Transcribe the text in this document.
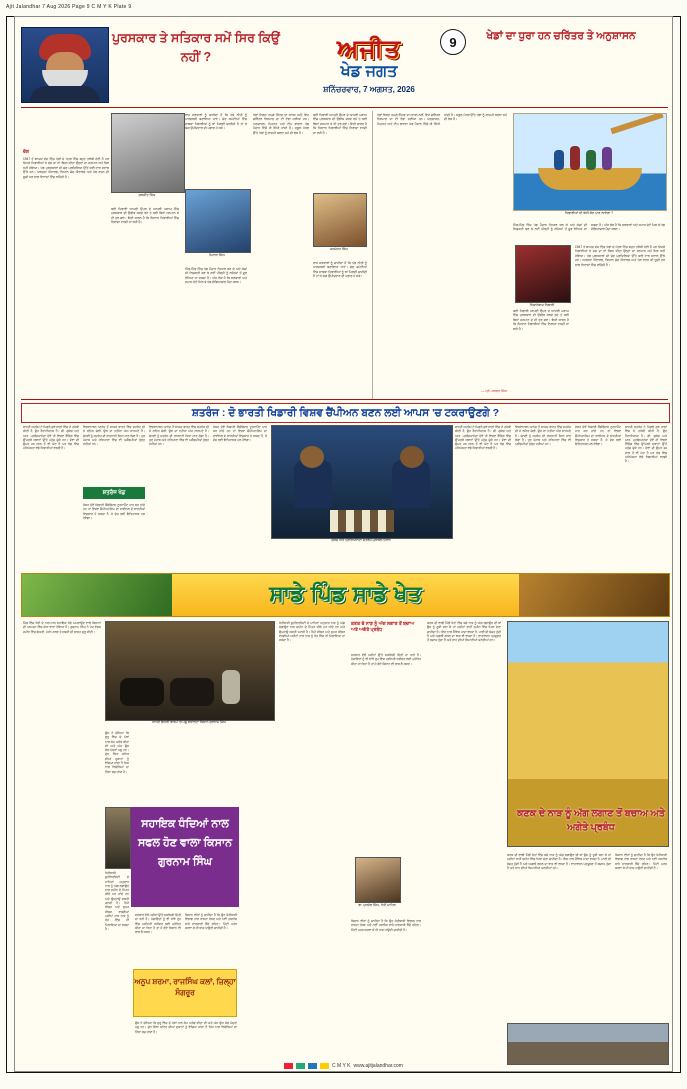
Ajit Jalandhar 7 Aug 2026 Page 9 C M Y K Plate 9
ਪੁਰਸਕਾਰ ਤੇ ਸਤਿਕਾਰ ਸਮੇਂ ਸਿਰ ਕਿਉਂ ਨਹੀਂ ?	ਅਜੀਤ
ਖੇਡ ਜਗਤ
ਸ਼ਨਿੱਚਰਵਾਰ, 7 ਅਗਸਤ, 2026
9	ਖੇਡਾਂ ਦਾ ਧੁਰਾ ਹਨ ਚਰਿੱਤਰ ਤੇ ਅਨੁਸ਼ਾਸਨ
1947 ਤੋਂ ਬਾਅਦ ਦੇਸ਼ ਵਿੱਚ ਖੇਡਾਂ ਦੇ ਖੇਤਰ ਵਿੱਚ ਬਹੁਤ ਤਰੱਕੀ ਹੋਈ ਹੈ ਪਰ ਜਿਹੜੇ ਖਿਡਾਰੀਆਂ ਨੇ ਦੇਸ਼ ਦਾ ਨਾਂ ਰੌਸ਼ਨ ਕੀਤਾ ਉਨ੍ਹਾਂ ਦਾ ਸਨਮਾਨ ਸਮੇਂ ਸਿਰ ਨਹੀਂ ਹੋਇਆ। ਖੇਡ ਪੁਰਸਕਾਰਾਂ ਦੀ ਚੋਣ ਪ੍ਰਕਿਰਿਆ ਉੱਤੇ ਕਈ ਵਾਰ ਸਵਾਲ ਉੱਠੇ ਹਨ। ਅਰਜੁਨਾ ਐਵਾਰਡ, ਧਿਆਨ ਚੰਦ ਐਵਾਰਡ ਅਤੇ ਖੇਲ ਰਤਨ ਦੀ ਸੂਚੀ ਹਰ ਸਾਲ ਵਿਵਾਦਾਂ ਵਿੱਚ ਰਹਿੰਦੀ ਹੈ।
ਦੇਸ਼
ਕੁਲਜੀਤ ਸਿੰਘ
ਮਿਲਖਾ ਸਿੰਘ
ਕਈ ਖਿਡਾਰੀ ਆਪਣੀ ਉਮਰ ਦੇ ਆਖ਼ਰੀ ਪੜਾਅ ਵਿੱਚ ਪੁਰਸਕਾਰ ਦੀ ਉਡੀਕ ਕਰਦੇ ਰਹੇ ਤੇ ਕਈ ਬਿਨਾਂ ਸਨਮਾਨ ਦੇ ਹੀ ਤੁਰ ਗਏ। ਇਹੀ ਕਾਰਨ ਹੈ ਕਿ ਨੌਜਵਾਨ ਖਿਡਾਰੀਆਂ ਵਿੱਚ ਨਿਰਾਸ਼ਾ ਵਧਦੀ ਜਾ ਰਹੀ ਹੈ।
ਰਾਜ ਸਰਕਾਰਾਂ ਨੂੰ ਚਾਹੀਦਾ ਹੈ ਕਿ ਖੇਡ ਨੀਤੀ ਨੂੰ ਪਾਰਦਰਸ਼ੀ ਬਣਾਇਆ ਜਾਵੇ। ਚੋਣ ਕਮੇਟੀਆਂ ਵਿੱਚ ਸਾਬਕਾ ਖਿਡਾਰੀਆਂ ਨੂੰ ਥਾਂ ਮਿਲਣੀ ਚਾਹੀਦੀ ਹੈ ਤਾਂ ਜੋ ਯੋਗ ਉਮੀਦਵਾਰ ਦੀ ਪਛਾਣ ਹੋ ਸਕੇ।
ਪਿੰਡ-ਪਿੰਡ ਵਿੱਚ ਖੇਡ ਮੈਦਾਨ ਤਿਆਰ ਕਰ ਕੇ ਅਤੇ ਕੋਚਾਂ ਦੀ ਨਿਯੁਕਤੀ ਕਰ ਕੇ ਨਵੀਂ ਪੀੜ੍ਹੀ ਨੂੰ ਨਸ਼ਿਆਂ ਤੋਂ ਦੂਰ ਰੱਖਿਆ ਜਾ ਸਕਦਾ ਹੈ। ਅੱਜ ਲੋੜ ਹੈ ਕਿ ਸਰਕਾਰਾਂ ਅਤੇ ਸਮਾਜ ਦੋਵੇਂ ਮਿਲ ਕੇ ਖੇਡ ਸੱਭਿਆਚਾਰ ਪੈਦਾ ਕਰਨ।
ਖੇਡਾਂ ਸਿਰਫ਼ ਤਮਗ਼ੇ ਜਿੱਤਣ ਦਾ ਸਾਧਨ ਨਹੀਂ, ਇਹ ਚਰਿੱਤਰ ਨਿਰਮਾਣ ਦਾ ਵੀ ਵੱਡਾ ਜ਼ਰੀਆ ਹਨ। ਅਨੁਸ਼ਾਸਨ, ਮਿਹਨਤ ਅਤੇ ਟੀਮ ਭਾਵਨਾ ਖੇਡ ਮੈਦਾਨ ਵਿੱਚੋਂ ਹੀ ਸਿੱਖੀ ਜਾਂਦੀ ਹੈ। ਸਕੂਲ ਪੱਧਰ ਉੱਤੇ ਖੇਡਾਂ ਨੂੰ ਲਾਜ਼ਮੀ ਕਰਨਾ ਸਮੇਂ ਦੀ ਲੋੜ ਹੈ।
ਜਗਮੋਹਨ ਸਿੰਘ
ਕਈ ਖਿਡਾਰੀ ਆਪਣੀ ਉਮਰ ਦੇ ਆਖ਼ਰੀ ਪੜਾਅ ਵਿੱਚ ਪੁਰਸਕਾਰ ਦੀ ਉਡੀਕ ਕਰਦੇ ਰਹੇ ਤੇ ਕਈ ਬਿਨਾਂ ਸਨਮਾਨ ਦੇ ਹੀ ਤੁਰ ਗਏ। ਇਹੀ ਕਾਰਨ ਹੈ ਕਿ ਨੌਜਵਾਨ ਖਿਡਾਰੀਆਂ ਵਿੱਚ ਨਿਰਾਸ਼ਾ ਵਧਦੀ ਜਾ ਰਹੀ ਹੈ।
ਰਾਜ ਸਰਕਾਰਾਂ ਨੂੰ ਚਾਹੀਦਾ ਹੈ ਕਿ ਖੇਡ ਨੀਤੀ ਨੂੰ ਪਾਰਦਰਸ਼ੀ ਬਣਾਇਆ ਜਾਵੇ। ਚੋਣ ਕਮੇਟੀਆਂ ਵਿੱਚ ਸਾਬਕਾ ਖਿਡਾਰੀਆਂ ਨੂੰ ਥਾਂ ਮਿਲਣੀ ਚਾਹੀਦੀ ਹੈ ਤਾਂ ਜੋ ਯੋਗ ਉਮੀਦਵਾਰ ਦੀ ਪਛਾਣ ਹੋ ਸਕੇ।
ਖੇਡਾਂ ਸਿਰਫ਼ ਤਮਗ਼ੇ ਜਿੱਤਣ ਦਾ ਸਾਧਨ ਨਹੀਂ, ਇਹ ਚਰਿੱਤਰ ਨਿਰਮਾਣ ਦਾ ਵੀ ਵੱਡਾ ਜ਼ਰੀਆ ਹਨ। ਅਨੁਸ਼ਾਸਨ, ਮਿਹਨਤ ਅਤੇ ਟੀਮ ਭਾਵਨਾ ਖੇਡ ਮੈਦਾਨ ਵਿੱਚੋਂ ਹੀ ਸਿੱਖੀ ਜਾਂਦੀ ਹੈ। ਸਕੂਲ ਪੱਧਰ ਉੱਤੇ ਖੇਡਾਂ ਨੂੰ ਲਾਜ਼ਮੀ ਕਰਨਾ ਸਮੇਂ ਦੀ ਲੋੜ ਹੈ।
ਖਿਡਾਰੀਆਂ ਦੀ ਬੇੜੀ ਕੌਣ ਪਾਰ ਲਾਏਗਾ ?
ਪਿੰਡ-ਪਿੰਡ ਵਿੱਚ ਖੇਡ ਮੈਦਾਨ ਤਿਆਰ ਕਰ ਕੇ ਅਤੇ ਕੋਚਾਂ ਦੀ ਨਿਯੁਕਤੀ ਕਰ ਕੇ ਨਵੀਂ ਪੀੜ੍ਹੀ ਨੂੰ ਨਸ਼ਿਆਂ ਤੋਂ ਦੂਰ ਰੱਖਿਆ ਜਾ ਸਕਦਾ ਹੈ। ਅੱਜ ਲੋੜ ਹੈ ਕਿ ਸਰਕਾਰਾਂ ਅਤੇ ਸਮਾਜ ਦੋਵੇਂ ਮਿਲ ਕੇ ਖੇਡ ਸੱਭਿਆਚਾਰ ਪੈਦਾ ਕਰਨ।
ਨਿਸ਼ਾਨੇਬਾਜ਼ ਖਿਡਾਰੀ
1947 ਤੋਂ ਬਾਅਦ ਦੇਸ਼ ਵਿੱਚ ਖੇਡਾਂ ਦੇ ਖੇਤਰ ਵਿੱਚ ਬਹੁਤ ਤਰੱਕੀ ਹੋਈ ਹੈ ਪਰ ਜਿਹੜੇ ਖਿਡਾਰੀਆਂ ਨੇ ਦੇਸ਼ ਦਾ ਨਾਂ ਰੌਸ਼ਨ ਕੀਤਾ ਉਨ੍ਹਾਂ ਦਾ ਸਨਮਾਨ ਸਮੇਂ ਸਿਰ ਨਹੀਂ ਹੋਇਆ। ਖੇਡ ਪੁਰਸਕਾਰਾਂ ਦੀ ਚੋਣ ਪ੍ਰਕਿਰਿਆ ਉੱਤੇ ਕਈ ਵਾਰ ਸਵਾਲ ਉੱਠੇ ਹਨ। ਅਰਜੁਨਾ ਐਵਾਰਡ, ਧਿਆਨ ਚੰਦ ਐਵਾਰਡ ਅਤੇ ਖੇਲ ਰਤਨ ਦੀ ਸੂਚੀ ਹਰ ਸਾਲ ਵਿਵਾਦਾਂ ਵਿੱਚ ਰਹਿੰਦੀ ਹੈ।
ਕਈ ਖਿਡਾਰੀ ਆਪਣੀ ਉਮਰ ਦੇ ਆਖ਼ਰੀ ਪੜਾਅ ਵਿੱਚ ਪੁਰਸਕਾਰ ਦੀ ਉਡੀਕ ਕਰਦੇ ਰਹੇ ਤੇ ਕਈ ਬਿਨਾਂ ਸਨਮਾਨ ਦੇ ਹੀ ਤੁਰ ਗਏ। ਇਹੀ ਕਾਰਨ ਹੈ ਕਿ ਨੌਜਵਾਨ ਖਿਡਾਰੀਆਂ ਵਿੱਚ ਨਿਰਾਸ਼ਾ ਵਧਦੀ ਜਾ ਰਹੀ ਹੈ।
— ਪ੍ਰੋ. ਸਰਵਣ ਸਿੰਘ
ਸ਼ਤਰੰਜ : ਦੋ ਭਾਰਤੀ ਖਿਡਾਰੀ ਵਿਸ਼ਵ ਚੈਂਪੀਅਨ ਬਣਨ ਲਈ ਆਪਸ 'ਚ ਟਕਰਾਉਣਗੇ ?
ਭਾਰਤੀ ਸ਼ਤਰੰਜ ਨੇ ਪਿਛਲੇ ਕੁਝ ਸਾਲਾਂ ਵਿੱਚ ਜੋ ਤਰੱਕੀ ਕੀਤੀ ਹੈ, ਉਹ ਹੈਰਾਨੀਜਨਕ ਹੈ। ਡੀ. ਗੁਕੇਸ਼ ਅਤੇ ਆਰ. ਪ੍ਰਗਿਆਨੰਦਾ ਦੋਵੇਂ ਹੀ ਵਿਸ਼ਵ ਰੈਂਕਿੰਗ ਵਿੱਚ ਉੱਪਰਲੇ ਸਥਾਨਾਂ ਉੱਤੇ ਪਹੁੰਚ ਚੁੱਕੇ ਹਨ। ਦੋਵਾਂ ਦੀ ਉਮਰ 20 ਸਾਲ ਤੋਂ ਵੀ ਘੱਟ ਹੈ ਪਰ ਖੇਡ ਵਿੱਚ ਪਰਿਪੱਕਤਾ ਵੱਡੇ ਖਿਡਾਰੀਆਂ ਵਰਗੀ ਹੈ।
ਸ਼ਤਰੰਜ ਖੇਡ
ਵਿਸ਼ਵਨਾਥਨ ਆਨੰਦ ਤੋਂ ਬਾਅਦ ਭਾਰਤ ਵਿੱਚ ਸ਼ਤਰੰਜ ਦੀ ਜੋ ਲਹਿਰ ਚੱਲੀ, ਉਸ ਦਾ ਨਤੀਜਾ ਅੱਜ ਸਾਹਮਣੇ ਹੈ। ਚੇਨਈ ਨੂੰ ਸ਼ਤਰੰਜ ਦੀ ਰਾਜਧਾਨੀ ਕਿਹਾ ਜਾਣ ਲੱਗਾ ਹੈ। ਹੁਣ ਪੰਜਾਬ ਅਤੇ ਹਰਿਆਣਾ ਵਿੱਚ ਵੀ ਅਕੈਡਮੀਆਂ ਖੁੱਲ੍ਹ ਰਹੀਆਂ ਹਨ।
ਜੇਕਰ ਦੋਵੇਂ ਖਿਡਾਰੀ ਕੈਂਡੀਡੇਟਸ ਟੂਰਨਾਮੈਂਟ ਪਾਰ ਕਰ ਜਾਂਦੇ ਹਨ ਤਾਂ ਵਿਸ਼ਵ ਚੈਂਪੀਅਨਸ਼ਿਪ ਦਾ ਫਾਈਨਲ ਦੋ ਭਾਰਤੀਆਂ ਵਿਚਕਾਰ ਹੋ ਸਕਦਾ ਹੈ, ਜੋ ਦੇਸ਼ ਲਈ ਇਤਿਹਾਸਕ ਪਲ ਹੋਵੇਗਾ।
ਵਿਸ਼ਵਨਾਥਨ ਆਨੰਦ ਤੋਂ ਬਾਅਦ ਭਾਰਤ ਵਿੱਚ ਸ਼ਤਰੰਜ ਦੀ ਜੋ ਲਹਿਰ ਚੱਲੀ, ਉਸ ਦਾ ਨਤੀਜਾ ਅੱਜ ਸਾਹਮਣੇ ਹੈ। ਚੇਨਈ ਨੂੰ ਸ਼ਤਰੰਜ ਦੀ ਰਾਜਧਾਨੀ ਕਿਹਾ ਜਾਣ ਲੱਗਾ ਹੈ। ਹੁਣ ਪੰਜਾਬ ਅਤੇ ਹਰਿਆਣਾ ਵਿੱਚ ਵੀ ਅਕੈਡਮੀਆਂ ਖੁੱਲ੍ਹ ਰਹੀਆਂ ਹਨ।
ਜੇਕਰ ਦੋਵੇਂ ਖਿਡਾਰੀ ਕੈਂਡੀਡੇਟਸ ਟੂਰਨਾਮੈਂਟ ਪਾਰ ਕਰ ਜਾਂਦੇ ਹਨ ਤਾਂ ਵਿਸ਼ਵ ਚੈਂਪੀਅਨਸ਼ਿਪ ਦਾ ਫਾਈਨਲ ਦੋ ਭਾਰਤੀਆਂ ਵਿਚਕਾਰ ਹੋ ਸਕਦਾ ਹੈ, ਜੋ ਦੇਸ਼ ਲਈ ਇਤਿਹਾਸਕ ਪਲ ਹੋਵੇਗਾ।
ਗੁਕੇਸ਼ ਅਤੇ ਪ੍ਰਗਿਆਨੰਦਾ ਸ਼ਤਰੰਜ ਮੁਕਾਬਲੇ ਦੌਰਾਨ
ਭਾਰਤੀ ਸ਼ਤਰੰਜ ਨੇ ਪਿਛਲੇ ਕੁਝ ਸਾਲਾਂ ਵਿੱਚ ਜੋ ਤਰੱਕੀ ਕੀਤੀ ਹੈ, ਉਹ ਹੈਰਾਨੀਜਨਕ ਹੈ। ਡੀ. ਗੁਕੇਸ਼ ਅਤੇ ਆਰ. ਪ੍ਰਗਿਆਨੰਦਾ ਦੋਵੇਂ ਹੀ ਵਿਸ਼ਵ ਰੈਂਕਿੰਗ ਵਿੱਚ ਉੱਪਰਲੇ ਸਥਾਨਾਂ ਉੱਤੇ ਪਹੁੰਚ ਚੁੱਕੇ ਹਨ। ਦੋਵਾਂ ਦੀ ਉਮਰ 20 ਸਾਲ ਤੋਂ ਵੀ ਘੱਟ ਹੈ ਪਰ ਖੇਡ ਵਿੱਚ ਪਰਿਪੱਕਤਾ ਵੱਡੇ ਖਿਡਾਰੀਆਂ ਵਰਗੀ ਹੈ।
ਵਿਸ਼ਵਨਾਥਨ ਆਨੰਦ ਤੋਂ ਬਾਅਦ ਭਾਰਤ ਵਿੱਚ ਸ਼ਤਰੰਜ ਦੀ ਜੋ ਲਹਿਰ ਚੱਲੀ, ਉਸ ਦਾ ਨਤੀਜਾ ਅੱਜ ਸਾਹਮਣੇ ਹੈ। ਚੇਨਈ ਨੂੰ ਸ਼ਤਰੰਜ ਦੀ ਰਾਜਧਾਨੀ ਕਿਹਾ ਜਾਣ ਲੱਗਾ ਹੈ। ਹੁਣ ਪੰਜਾਬ ਅਤੇ ਹਰਿਆਣਾ ਵਿੱਚ ਵੀ ਅਕੈਡਮੀਆਂ ਖੁੱਲ੍ਹ ਰਹੀਆਂ ਹਨ।
ਜੇਕਰ ਦੋਵੇਂ ਖਿਡਾਰੀ ਕੈਂਡੀਡੇਟਸ ਟੂਰਨਾਮੈਂਟ ਪਾਰ ਕਰ ਜਾਂਦੇ ਹਨ ਤਾਂ ਵਿਸ਼ਵ ਚੈਂਪੀਅਨਸ਼ਿਪ ਦਾ ਫਾਈਨਲ ਦੋ ਭਾਰਤੀਆਂ ਵਿਚਕਾਰ ਹੋ ਸਕਦਾ ਹੈ, ਜੋ ਦੇਸ਼ ਲਈ ਇਤਿਹਾਸਕ ਪਲ ਹੋਵੇਗਾ।
ਭਾਰਤੀ ਸ਼ਤਰੰਜ ਨੇ ਪਿਛਲੇ ਕੁਝ ਸਾਲਾਂ ਵਿੱਚ ਜੋ ਤਰੱਕੀ ਕੀਤੀ ਹੈ, ਉਹ ਹੈਰਾਨੀਜਨਕ ਹੈ। ਡੀ. ਗੁਕੇਸ਼ ਅਤੇ ਆਰ. ਪ੍ਰਗਿਆਨੰਦਾ ਦੋਵੇਂ ਹੀ ਵਿਸ਼ਵ ਰੈਂਕਿੰਗ ਵਿੱਚ ਉੱਪਰਲੇ ਸਥਾਨਾਂ ਉੱਤੇ ਪਹੁੰਚ ਚੁੱਕੇ ਹਨ। ਦੋਵਾਂ ਦੀ ਉਮਰ 20 ਸਾਲ ਤੋਂ ਵੀ ਘੱਟ ਹੈ ਪਰ ਖੇਡ ਵਿੱਚ ਪਰਿਪੱਕਤਾ ਵੱਡੇ ਖਿਡਾਰੀਆਂ ਵਰਗੀ ਹੈ।
ਸਾਡੇ ਪਿੰਡ ਸਾਡੇ ਖੇਤ
ਪਿੰਡ ਵਿੱਚ ਖੇਤੀ ਦੇ ਨਾਲ-ਨਾਲ ਸਹਾਇਕ ਧੰਦੇ ਅਪਣਾਉਣ ਵਾਲੇ ਕਿਸਾਨਾਂ ਦੀ ਆਮਦਨ ਵਿੱਚ ਚੋਖਾ ਵਾਧਾ ਹੋਇਆ ਹੈ। ਗੁਰਨਾਮ ਸਿੰਘ ਨੇ ਪੰਜ ਏਕੜ ਜ਼ਮੀਨ ਵਿੱਚ ਡੇਅਰੀ, ਮੱਖੀ ਪਾਲਣ ਤੇ ਸਬਜ਼ੀ ਦੀ ਕਾਸ਼ਤ ਸ਼ੁਰੂ ਕੀਤੀ।
ਆਪਣੇ ਡੇਅਰੀ ਫਾਰਮ 'ਚ ਪਸ਼ੂ ਸੰਭਾਲਦਾ ਕਿਸਾਨ ਗੁਰਨਾਮ ਸਿੰਘ
ਉਸ ਨੇ ਦੱਸਿਆ ਕਿ ਸ਼ੁਰੂ ਵਿੱਚ ਦੋ ਮੱਝਾਂ ਨਾਲ ਕੰਮ ਅਰੰਭ ਕੀਤਾ ਸੀ ਅਤੇ ਅੱਜ ਉਸ ਕੋਲ ਪੰਦਰਾਂ ਪਸ਼ੂ ਹਨ। ਦੁੱਧ ਸਿੱਧਾ ਸ਼ਹਿਰ ਦੀਆਂ ਦੁਕਾਨਾਂ ਨੂੰ ਵੇਚਿਆ ਜਾਂਦਾ ਹੈ ਜਿਸ ਨਾਲ ਵਿਚੋਲਿਆਂ ਦਾ ਹਿੱਸਾ ਬਚ ਜਾਂਦਾ ਹੈ।
ਸਹਾਇਕ ਧੰਦਿਆਂ ਨਾਲ ਸਫਲ ਹੋਣ ਵਾਲਾ ਕਿਸਾਨ ਗੁਰਨਾਮ ਸਿੰਘ
ਖੇਤੀਬਾੜੀ ਯੂਨੀਵਰਸਿਟੀ ਦੇ ਮਾਹਿਰਾਂ ਅਨੁਸਾਰ ਨਾੜ ਨੂੰ ਅੱਗ ਲਗਾਉਣ ਨਾਲ ਜ਼ਮੀਨ ਦੇ ਮਿੱਤਰ ਕੀੜੇ ਮਰ ਜਾਂਦੇ ਹਨ ਅਤੇ ਉਪਜਾਊ ਸ਼ਕਤੀ ਘਟਦੀ ਹੈ। ਹੈਪੀ ਸੀਡਰ ਅਤੇ ਸੁਪਰ ਸੀਡਰ ਵਰਗੀਆਂ ਮਸ਼ੀਨਾਂ ਨਾਲ ਨਾੜ ਨੂੰ ਖੇਤ ਵਿੱਚ ਹੀ ਮਿਲਾਇਆ ਜਾ ਸਕਦਾ ਹੈ।
ਸਰਕਾਰ ਵੱਲੋਂ ਮਸ਼ੀਨਾਂ ਉੱਤੇ ਸਬਸਿਡੀ ਦਿੱਤੀ ਜਾ ਰਹੀ ਹੈ। ਪੰਚਾਇਤਾਂ ਨੂੰ ਵੀ ਸਾਂਝੇ ਰੂਪ ਵਿੱਚ ਮਸ਼ੀਨਰੀ ਖਰੀਦਣ ਲਈ ਪ੍ਰੇਰਿਤ ਕੀਤਾ ਜਾ ਰਿਹਾ ਹੈ ਤਾਂ ਜੋ ਛੋਟੇ ਕਿਸਾਨ ਵੀ ਲਾਭ ਲੈ ਸਕਣ।
ਕਿਸਾਨ ਵੀਰਾਂ ਨੂੰ ਚਾਹੀਦਾ ਹੈ ਕਿ ਉਹ ਖੇਤੀਬਾੜੀ ਵਿਭਾਗ ਨਾਲ ਰਾਬਤਾ ਰੱਖਣ ਅਤੇ ਨਵੀਂ ਤਕਨੀਕ ਬਾਰੇ ਜਾਣਕਾਰੀ ਲੈਂਦੇ ਰਹਿਣ। ਮਿੱਟੀ ਪਰਖ ਕਰਵਾ ਕੇ ਹੀ ਖਾਦ ਪਾਉਣੀ ਚਾਹੀਦੀ ਹੈ।
ਅਨੂਪ ਸ਼ਰਮਾ, ਰਾਜਸਿੰਘ ਕਲਾਂ, ਜ਼ਿਲ੍ਹਾ ਸੰਗਰੂਰ
ਉਸ ਨੇ ਦੱਸਿਆ ਕਿ ਸ਼ੁਰੂ ਵਿੱਚ ਦੋ ਮੱਝਾਂ ਨਾਲ ਕੰਮ ਅਰੰਭ ਕੀਤਾ ਸੀ ਅਤੇ ਅੱਜ ਉਸ ਕੋਲ ਪੰਦਰਾਂ ਪਸ਼ੂ ਹਨ। ਦੁੱਧ ਸਿੱਧਾ ਸ਼ਹਿਰ ਦੀਆਂ ਦੁਕਾਨਾਂ ਨੂੰ ਵੇਚਿਆ ਜਾਂਦਾ ਹੈ ਜਿਸ ਨਾਲ ਵਿਚੋਲਿਆਂ ਦਾ ਹਿੱਸਾ ਬਚ ਜਾਂਦਾ ਹੈ।
ਖੇਤੀਬਾੜੀ ਯੂਨੀਵਰਸਿਟੀ ਦੇ ਮਾਹਿਰਾਂ ਅਨੁਸਾਰ ਨਾੜ ਨੂੰ ਅੱਗ ਲਗਾਉਣ ਨਾਲ ਜ਼ਮੀਨ ਦੇ ਮਿੱਤਰ ਕੀੜੇ ਮਰ ਜਾਂਦੇ ਹਨ ਅਤੇ ਉਪਜਾਊ ਸ਼ਕਤੀ ਘਟਦੀ ਹੈ। ਹੈਪੀ ਸੀਡਰ ਅਤੇ ਸੁਪਰ ਸੀਡਰ ਵਰਗੀਆਂ ਮਸ਼ੀਨਾਂ ਨਾਲ ਨਾੜ ਨੂੰ ਖੇਤ ਵਿੱਚ ਹੀ ਮਿਲਾਇਆ ਜਾ ਸਕਦਾ ਹੈ।
ਕਣਕ ਦੇ ਨਾੜ ਨੂੰ ਅੱਗ ਲਗਾਣ ਤੋਂ ਬਚਾਅ ਅਤੇ ਅਗੇਤੇ ਪ੍ਰਬੰਧ
ਸਰਕਾਰ ਵੱਲੋਂ ਮਸ਼ੀਨਾਂ ਉੱਤੇ ਸਬਸਿਡੀ ਦਿੱਤੀ ਜਾ ਰਹੀ ਹੈ। ਪੰਚਾਇਤਾਂ ਨੂੰ ਵੀ ਸਾਂਝੇ ਰੂਪ ਵਿੱਚ ਮਸ਼ੀਨਰੀ ਖਰੀਦਣ ਲਈ ਪ੍ਰੇਰਿਤ ਕੀਤਾ ਜਾ ਰਿਹਾ ਹੈ ਤਾਂ ਜੋ ਛੋਟੇ ਕਿਸਾਨ ਵੀ ਲਾਭ ਲੈ ਸਕਣ।
ਡਾ. ਸੁਖਦੇਵ ਸਿੰਘ, ਖੇਤੀ ਮਾਹਿਰ
ਕਿਸਾਨ ਵੀਰਾਂ ਨੂੰ ਚਾਹੀਦਾ ਹੈ ਕਿ ਉਹ ਖੇਤੀਬਾੜੀ ਵਿਭਾਗ ਨਾਲ ਰਾਬਤਾ ਰੱਖਣ ਅਤੇ ਨਵੀਂ ਤਕਨੀਕ ਬਾਰੇ ਜਾਣਕਾਰੀ ਲੈਂਦੇ ਰਹਿਣ। ਮਿੱਟੀ ਪਰਖ ਕਰਵਾ ਕੇ ਹੀ ਖਾਦ ਪਾਉਣੀ ਚਾਹੀਦੀ ਹੈ।
ਕਣਕ ਦੀ ਵਾਢੀ ਪਿੱਛੋਂ ਖੇਤਾਂ ਵਿੱਚ ਬਚੇ ਨਾੜ ਨੂੰ ਅੱਗ ਲਗਾਉਣ ਦੀ ਥਾਂ ਉਸ ਨੂੰ ਤੂੜੀ ਬਣਾ ਕੇ ਜਾਂ ਮਸ਼ੀਨਾਂ ਰਾਹੀਂ ਜ਼ਮੀਨ ਵਿੱਚ ਮਿਲਾ ਦੇਣਾ ਚਾਹੀਦਾ ਹੈ। ਇਸ ਨਾਲ ਜੈਵਿਕ ਮਾਦਾ ਵਧਦਾ ਹੈ, ਪਾਣੀ ਦੀ ਬੱਚਤ ਹੁੰਦੀ ਹੈ ਅਤੇ ਅਗਲੀ ਫ਼ਸਲ ਦਾ ਝਾੜ ਵੀ ਵਧਦਾ ਹੈ। ਵਾਤਾਵਰਨ ਪ੍ਰਦੂਸ਼ਣ ਤੋਂ ਬਚਾਅ ਹੁੰਦਾ ਹੈ ਅਤੇ ਸਾਹ ਦੀਆਂ ਬਿਮਾਰੀਆਂ ਘਟਦੀਆਂ ਹਨ।
ਕਣਕ ਦੇ ਨਾੜ ਨੂੰ ਅੱਗ ਲਗਾਣ ਤੋਂ ਬਚਾਅ ਅਤੇ ਅਗੇਤੇ ਪ੍ਰਬੰਧ
ਕਣਕ ਦੀ ਵਾਢੀ ਪਿੱਛੋਂ ਖੇਤਾਂ ਵਿੱਚ ਬਚੇ ਨਾੜ ਨੂੰ ਅੱਗ ਲਗਾਉਣ ਦੀ ਥਾਂ ਉਸ ਨੂੰ ਤੂੜੀ ਬਣਾ ਕੇ ਜਾਂ ਮਸ਼ੀਨਾਂ ਰਾਹੀਂ ਜ਼ਮੀਨ ਵਿੱਚ ਮਿਲਾ ਦੇਣਾ ਚਾਹੀਦਾ ਹੈ। ਇਸ ਨਾਲ ਜੈਵਿਕ ਮਾਦਾ ਵਧਦਾ ਹੈ, ਪਾਣੀ ਦੀ ਬੱਚਤ ਹੁੰਦੀ ਹੈ ਅਤੇ ਅਗਲੀ ਫ਼ਸਲ ਦਾ ਝਾੜ ਵੀ ਵਧਦਾ ਹੈ। ਵਾਤਾਵਰਨ ਪ੍ਰਦੂਸ਼ਣ ਤੋਂ ਬਚਾਅ ਹੁੰਦਾ ਹੈ ਅਤੇ ਸਾਹ ਦੀਆਂ ਬਿਮਾਰੀਆਂ ਘਟਦੀਆਂ ਹਨ।
ਕਿਸਾਨ ਵੀਰਾਂ ਨੂੰ ਚਾਹੀਦਾ ਹੈ ਕਿ ਉਹ ਖੇਤੀਬਾੜੀ ਵਿਭਾਗ ਨਾਲ ਰਾਬਤਾ ਰੱਖਣ ਅਤੇ ਨਵੀਂ ਤਕਨੀਕ ਬਾਰੇ ਜਾਣਕਾਰੀ ਲੈਂਦੇ ਰਹਿਣ। ਮਿੱਟੀ ਪਰਖ ਕਰਵਾ ਕੇ ਹੀ ਖਾਦ ਪਾਉਣੀ ਚਾਹੀਦੀ ਹੈ।
C M Y K www.ajitjalandhar.com
